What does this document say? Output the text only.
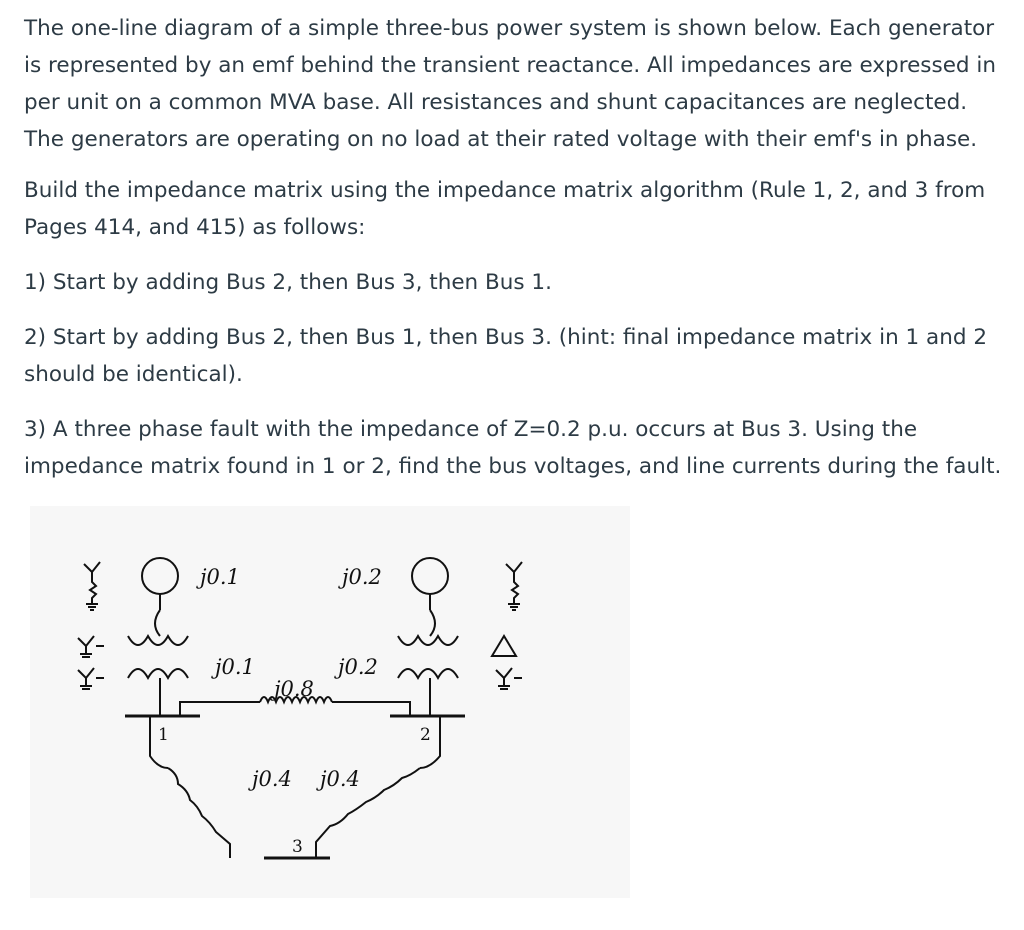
The one-line diagram of a simple three-bus power system is shown below. Each generator
is represented by an emf behind the transient reactance. All impedances are expressed in
per unit on a common MVA base. All resistances and shunt capacitances are neglected.
The generators are operating on no load at their rated voltage with their emf's in phase.

Build the impedance matrix using the impedance matrix algorithm (Rule 1, 2, and 3 from
Pages 414, and 415) as follows:

1) Start by adding Bus 2, then Bus 3, then Bus 1.

2) Start by adding Bus 2, then Bus 1, then Bus 3. (hint: final impedance matrix in 1 and 2
should be identical).

3) A three phase fault with the impedance of Z=0.2 p.u. occurs at Bus 3. Using the
impedance matrix found in 1 or 2, find the bus voltages, and line currents during the fault.

j0.1
j0.1
1
j0.2
j0.2
2
j0.8
j0.4 j0.4
3
